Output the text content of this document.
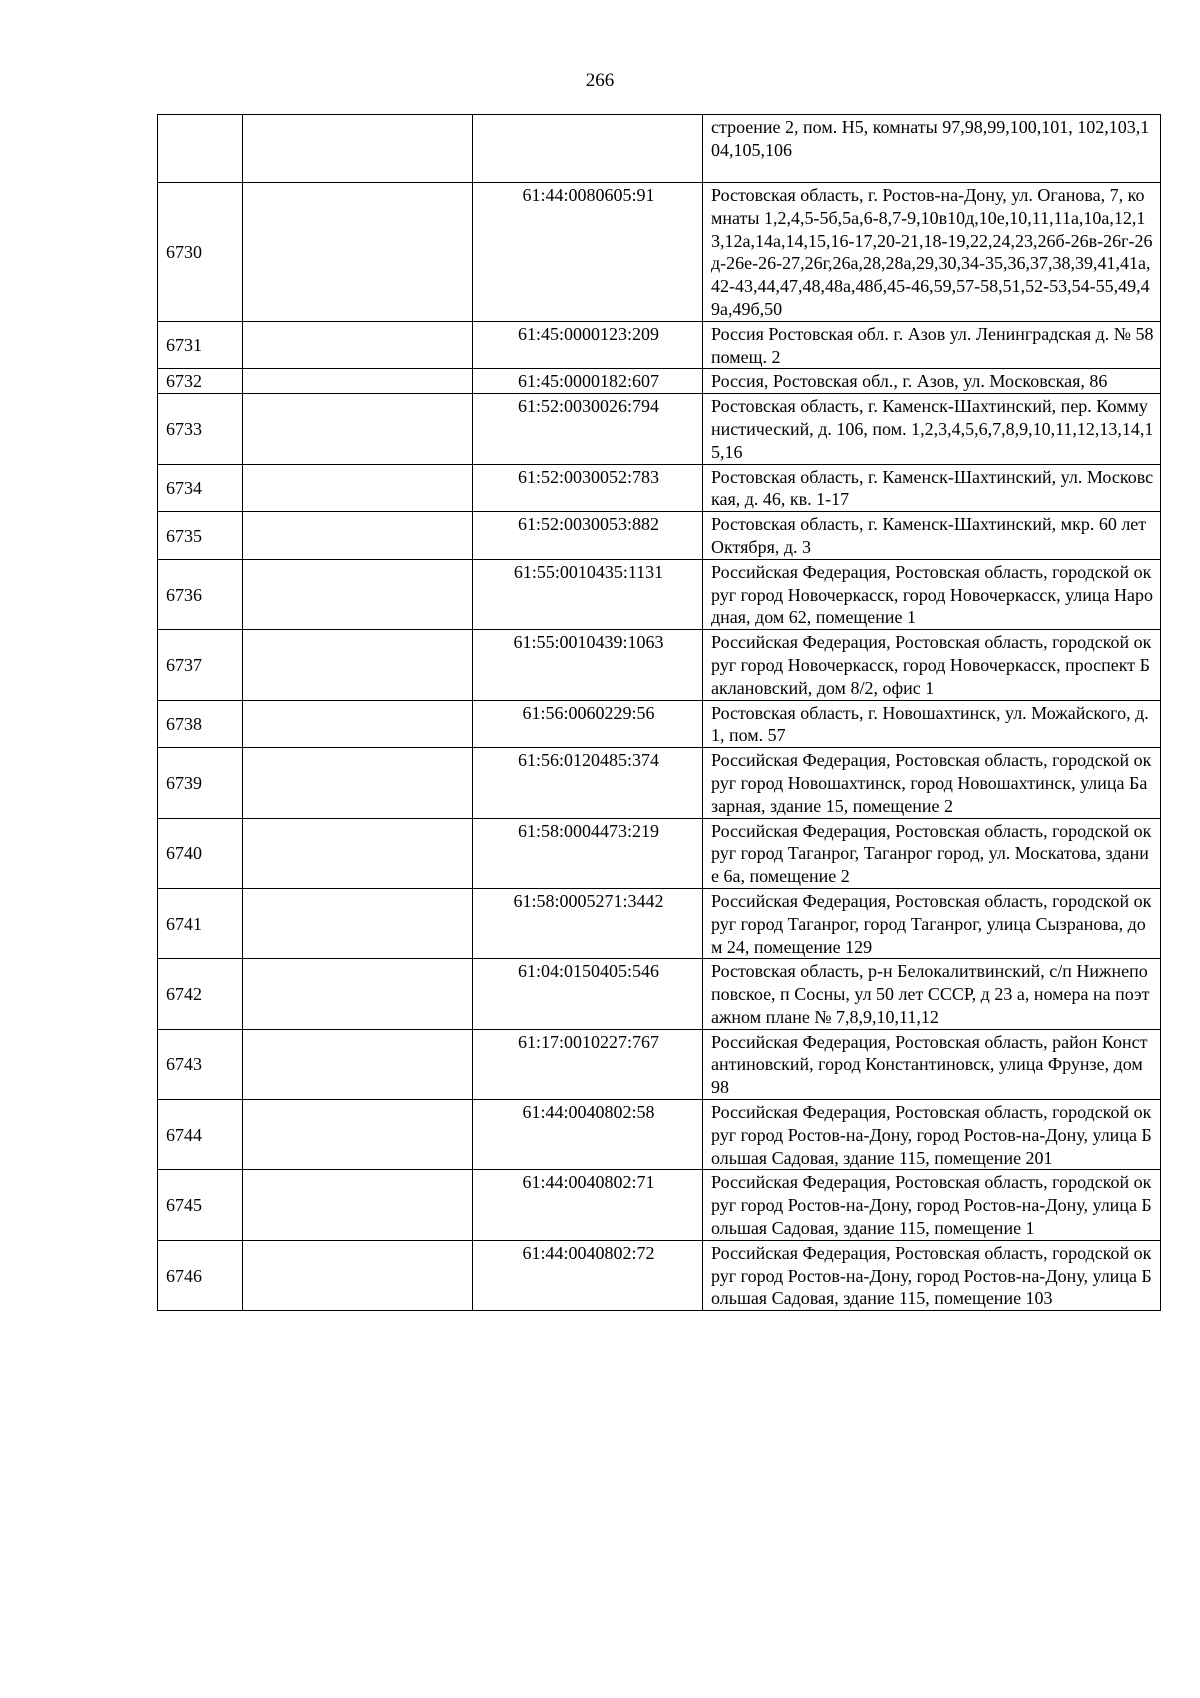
266
			строение 2, пом. Н5, комнаты 97,98,99,100,101, 102,103,104,105,106
6730		61:44:0080605:91	Ростовская область, г. Ростов-на-Дону, ул. Оганова, 7, комнаты 1,2,4,5-5б,5а,6-8,7-9,10в10д,10е,10,11,11а,10а,12,13,12а,14а,14,15,16-17,20-21,18-19,22,24,23,26б-26в-26г-26д-26е-26-27,26г,26а,28,28а,29,30,34-35,36,37,38,39,41,41а,42-43,44,47,48,48а,48б,45-46,59,57-58,51,52-53,54-55,49,49а,49б,50
6731		61:45:0000123:209	Россия Ростовская обл. г. Азов ул. Ленинградская д. № 58 помещ. 2
6732		61:45:0000182:607	Россия, Ростовская обл., г. Азов, ул. Московская, 86
6733		61:52:0030026:794	Ростовская область, г. Каменск-Шахтинский, пер. Коммунистический, д. 106, пом. 1,2,3,4,5,6,7,8,9,10,11,12,13,14,15,16
6734		61:52:0030052:783	Ростовская область, г. Каменск-Шахтинский, ул. Московская, д. 46, кв. 1-17
6735		61:52:0030053:882	Ростовская область, г. Каменск-Шахтинский, мкр. 60 лет Октября, д. 3
6736		61:55:0010435:1131	Российская Федерация, Ростовская область, городской округ город Новочеркасск, город Новочеркасск, улица Народная, дом 62, помещение 1
6737		61:55:0010439:1063	Российская Федерация, Ростовская область, городской округ город Новочеркасск, город Новочеркасск, проспект Баклановский, дом 8/2, офис 1
6738		61:56:0060229:56	Ростовская область, г. Новошахтинск, ул. Можайского, д. 1, пом. 57
6739		61:56:0120485:374	Российская Федерация, Ростовская область, городской округ город Новошахтинск, город Новошахтинск, улица Базарная, здание 15, помещение 2
6740		61:58:0004473:219	Российская Федерация, Ростовская область, городской округ город Таганрог, Таганрог город, ул. Москатова, здание 6а, помещение 2
6741		61:58:0005271:3442	Российская Федерация, Ростовская область, городской округ город Таганрог, город Таганрог, улица Сызранова, дом 24, помещение 129
6742		61:04:0150405:546	Ростовская область, р-н Белокалитвинский, с/п Нижнепоповское, п Сосны, ул 50 лет СССР, д 23 а, номера на поэтажном плане № 7,8,9,10,11,12
6743		61:17:0010227:767	Российская Федерация, Ростовская область, район Константиновский, город Константиновск, улица Фрунзе, дом 98
6744		61:44:0040802:58	Российская Федерация, Ростовская область, городской округ город Ростов-на-Дону, город Ростов-на-Дону, улица Большая Садовая, здание 115, помещение 201
6745		61:44:0040802:71	Российская Федерация, Ростовская область, городской округ город Ростов-на-Дону, город Ростов-на-Дону, улица Большая Садовая, здание 115, помещение 1
6746		61:44:0040802:72	Российская Федерация, Ростовская область, городской округ город Ростов-на-Дону, город Ростов-на-Дону, улица Большая Садовая, здание 115, помещение 103
